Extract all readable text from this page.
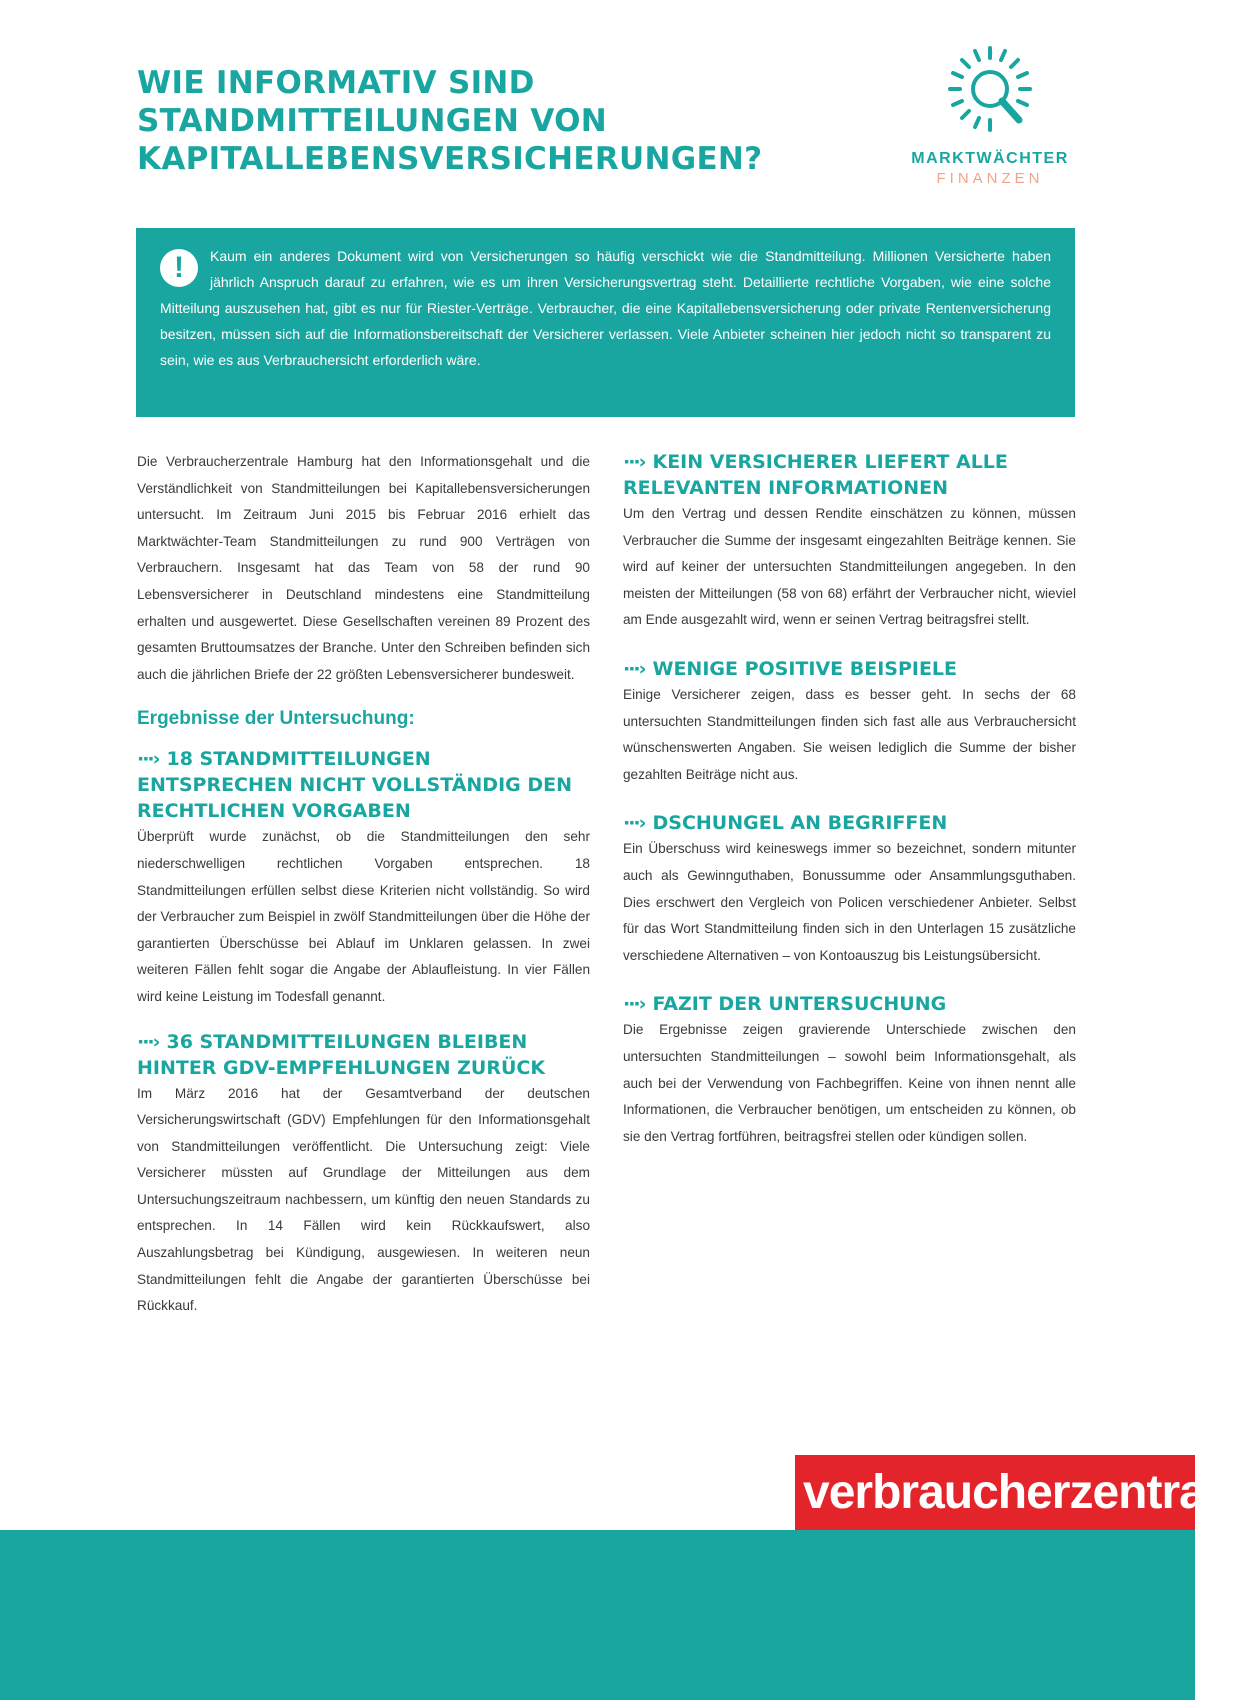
WIE INFORMATIV SIND
STANDMITTEILUNGEN VON
KAPITALLEBENSVERSICHERUNGEN?	MARKTWÄCHTER
FINANZEN
!	Kaum ein anderes Dokument wird von Versicherungen so häufig verschickt wie die Standmitteilung. Millionen Versicherte haben jährlich Anspruch darauf zu erfahren, wie es um ihren Versicherungsvertrag steht. Detaillierte rechtliche Vorgaben, wie eine solche Mitteilung auszusehen hat, gibt es nur für Riester-Verträge. Verbraucher, die eine Kapitallebensversicherung oder private Rentenversicherung besitzen, müssen sich auf die Informationsbereitschaft der Versicherer verlassen. Viele Anbieter scheinen hier jedoch nicht so transparent zu sein, wie es aus Verbrauchersicht erforderlich wäre.

Die Verbraucherzentrale Hamburg hat den Informationsgehalt und die Verständlichkeit von Standmitteilungen bei Kapitallebensversicherungen untersucht. Im Zeitraum Juni 2015 bis Februar 2016 erhielt das Marktwächter-Team Standmitteilungen zu rund 900 Verträgen von Verbrauchern. Insgesamt hat das Team von 58 der rund 90 Lebensversicherer in Deutschland mindestens eine Standmitteilung erhalten und ausgewertet. Diese Gesellschaften vereinen 89 Prozent des gesamten Bruttoumsatzes der Branche. Unter den Schreiben befinden sich auch die jährlichen Briefe der 22 größten Lebensversicherer bundesweit.

Ergebnisse der Untersuchung:
···› 18 STANDMITTEILUNGEN ENTSPRECHEN NICHT VOLLSTÄNDIG DEN RECHTLICHEN VORGABEN

Überprüft wurde zunächst, ob die Standmitteilungen den sehr niederschwelligen rechtlichen Vorgaben entsprechen. 18 Standmitteilungen erfüllen selbst diese Kriterien nicht vollständig. So wird der Verbraucher zum Beispiel in zwölf Standmitteilungen über die Höhe der garantierten Überschüsse bei Ablauf im Unklaren gelassen. In zwei weiteren Fällen fehlt sogar die Angabe der Ablaufleistung. In vier Fällen wird keine Leistung im Todesfall genannt.

···› 36 STANDMITTEILUNGEN BLEIBEN HINTER GDV-EMPFEHLUNGEN ZURÜCK

Im März 2016 hat der Gesamtverband der deutschen Versicherungswirtschaft (GDV) Empfehlungen für den Informationsgehalt von Standmitteilungen veröffentlicht. Die Untersuchung zeigt: Viele Versicherer müssten auf Grundlage der Mitteilungen aus dem Untersuchungszeitraum nachbessern, um künftig den neuen Standards zu entsprechen. In 14 Fällen wird kein Rückkaufswert, also Auszahlungsbetrag bei Kündigung, ausgewiesen. In weiteren neun Standmitteilungen fehlt die Angabe der garantierten Überschüsse bei Rückkauf.

···› KEIN VERSICHERER LIEFERT ALLE RELEVANTEN INFORMATIONEN

Um den Vertrag und dessen Rendite einschätzen zu können, müssen Verbraucher die Summe der insgesamt eingezahlten Beiträge kennen. Sie wird auf keiner der untersuchten Standmitteilungen angegeben. In den meisten der Mitteilungen (58 von 68) erfährt der Verbraucher nicht, wieviel am Ende ausgezahlt wird, wenn er seinen Vertrag beitragsfrei stellt.

···› WENIGE POSITIVE BEISPIELE

Einige Versicherer zeigen, dass es besser geht. In sechs der 68 untersuchten Standmitteilungen finden sich fast alle aus Verbrauchersicht wünschenswerten Angaben. Sie weisen lediglich die Summe der bisher gezahlten Beiträge nicht aus.

···› DSCHUNGEL AN BEGRIFFEN

Ein Überschuss wird keineswegs immer so bezeichnet, sondern mitunter auch als Gewinnguthaben, Bonussumme oder Ansammlungsguthaben. Dies erschwert den Vergleich von Policen verschiedener Anbieter. Selbst für das Wort Standmitteilung finden sich in den Unterlagen 15 zusätzliche verschiedene Alternativen – von Kontoauszug bis Leistungsübersicht.

···› FAZIT DER UNTERSUCHUNG

Die Ergebnisse zeigen gravierende Unterschiede zwischen den untersuchten Standmitteilungen – sowohl beim Informationsgehalt, als auch bei der Verwendung von Fachbegriffen. Keine von ihnen nennt alle Informationen, die Verbraucher benötigen, um entscheiden zu können, ob sie den Vertrag fortführen, beitragsfrei stellen oder kündigen sollen.

verbraucherzentrale
